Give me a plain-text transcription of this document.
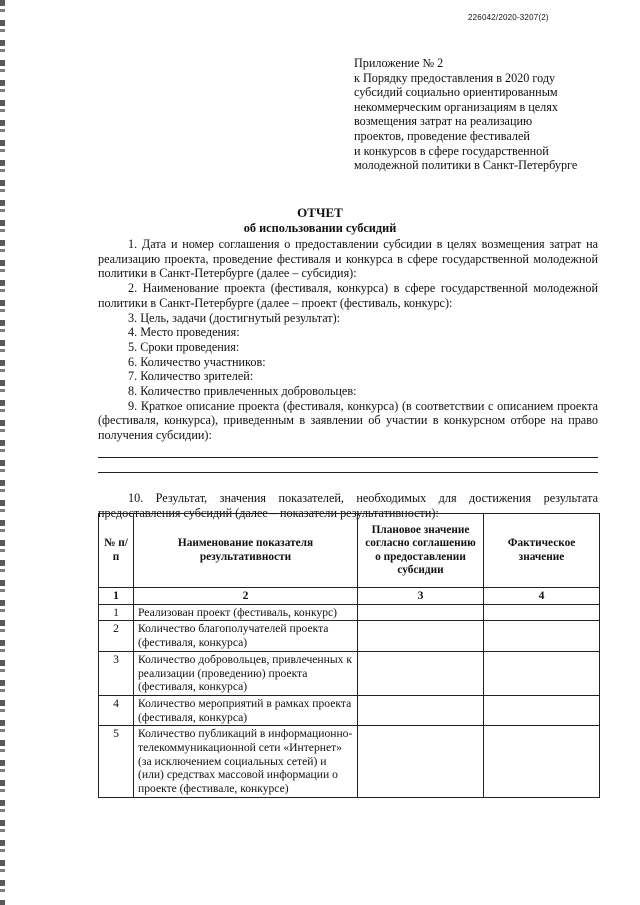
226042/2020-3207(2)
Приложение № 2
к Порядку предоставления в 2020 году
субсидий социально ориентированным
некоммерческим организациям в целях
возмещения затрат на реализацию
проектов, проведение фестивалей
и конкурсов в сфере государственной
молодежной политики в Санкт-Петербурге
ОТЧЕТ
об использовании субсидий

1. Дата и номер соглашения о предоставлении субсидии в целях возмещения затрат на реализацию проекта, проведение фестиваля и конкурса в сфере государственной молодежной политики в Санкт-Петербурге (далее – субсидия):

2. Наименование проекта (фестиваля, конкурса) в сфере государственной молодежной политики в Санкт-Петербурге (далее – проект (фестиваль, конкурс):

3. Цель, задачи (достигнутый результат):

4. Место проведения:

5. Сроки проведения:

6. Количество участников:

7. Количество зрителей:

8. Количество привлеченных добровольцев:

9. Краткое описание проекта (фестиваля, конкурса) (в соответствии с описанием проекта (фестиваля, конкурса), приведенным в заявлении об участии в конкурсном отборе на право получения субсидии):

10. Результат, значения показателей, необходимых для достижения результата предоставления субсидий (далее – показатели результативности):

№ п/п	Наименование показателя результативности	Плановое значение согласно соглашению о предоставлении субсидии	Фактическое значение
1	2	3	4
1	Реализован проект (фестиваль, конкурс)		
2	Количество благополучателей проекта (фестиваля, конкурса)		
3	Количество добровольцев, привлеченных к реализации (проведению) проекта (фестиваля, конкурса)		
4	Количество мероприятий в рамках проекта (фестиваля, конкурса)		
5	Количество публикаций в информационно-телекоммуникационной сети «Интернет» (за исключением социальных сетей) и (или) средствах массовой информации о проекте (фестивале, конкурсе)		
